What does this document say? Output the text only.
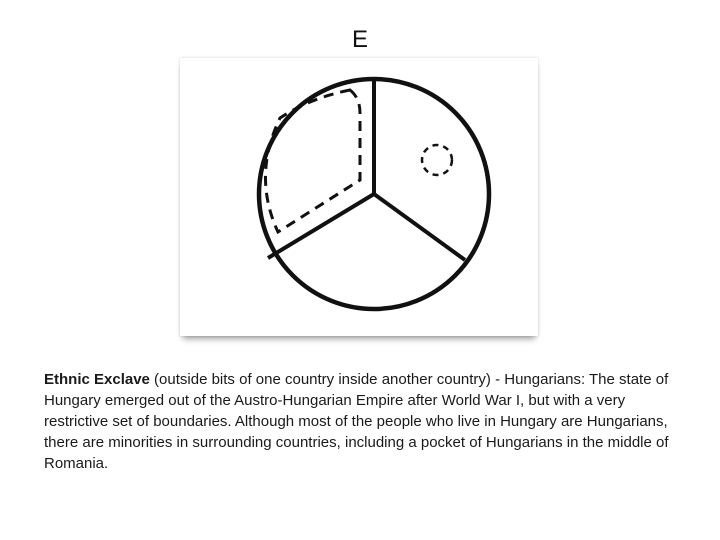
E
Ethnic Exclave (outside bits of one country inside another country) - Hungarians: The state of Hungary emerged out of the Austro-Hungarian Empire after World War I, but with a very restrictive set of boundaries. Although most of the people who live in Hungary are Hungarians, there are minorities in surrounding countries, including a pocket of Hungarians in the middle of Romania.
